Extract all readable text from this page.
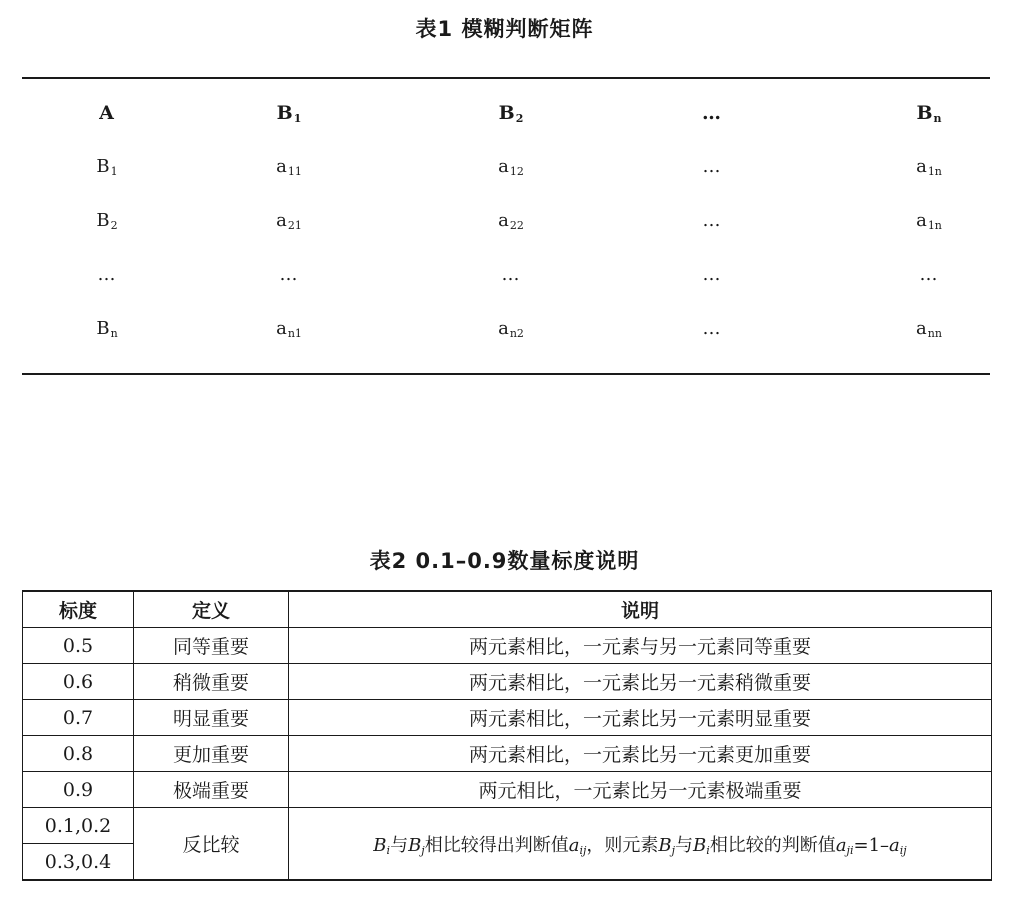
表1 模糊判断矩阵
A	$B_1$	$B_2$	…	$B_n$
$B_1$	$a_{11}$	$a_{12}$	…	$a_{1n}$
$B_2$	$a_{21}$	$a_{22}$	…	$a_{1n}$
…	…	…	…	…
$B_n$	$a_{n1}$	$a_{n2}$	…	$a_{nn}$
表2 0.1–0.9数量标度说明
标度	定义	说明
0.5	同等重要	两元素相比，一元素与另一元素同等重要
0.6	稍微重要	两元素相比，一元素比另一元素稍微重要
0.7	明显重要	两元素相比，一元素比另一元素明显重要
0.8	更加重要	两元素相比，一元素比另一元素更加重要
0.9	极端重要	两元相比，一元素比另一元素极端重要
0.1,0.2	反比较	$B_i$与$B_j$相比较得出判断值$a_{ij}$，则元素$B_j$与$B_i$相比较的判断值$a_{ji}=1-a_{ij}$
0.3,0.4		
